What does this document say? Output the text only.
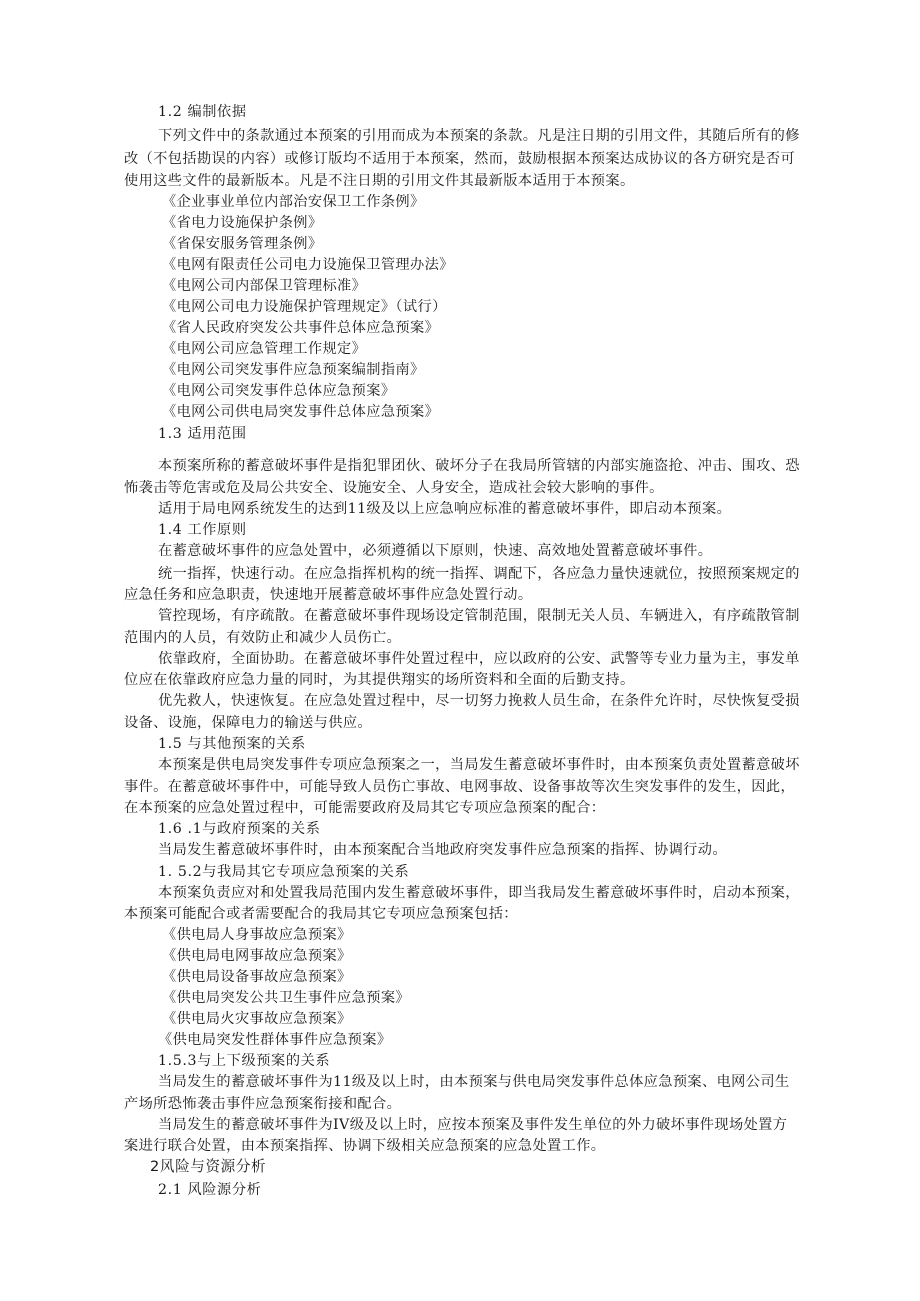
1.2 编制依据

下列文件中的条款通过本预案的引用而成为本预案的条款。凡是注日期的引用文件，其随后所有的修

改（不包括勘误的内容）或修订版均不适用于本预案，然而，鼓励根据本预案达成协议的各方研究是否可

使用这些文件的最新版本。凡是不注日期的引用文件其最新版本适用于本预案。

《企业事业单位内部治安保卫工作条例》

《省电力设施保护条例》

《省保安服务管理条例》

《电网有限责任公司电力设施保卫管理办法》

《电网公司内部保卫管理标准》

《电网公司电力设施保护管理规定》（试行）

《省人民政府突发公共事件总体应急预案》

《电网公司应急管理工作规定》

《电网公司突发事件应急预案编制指南》

《电网公司突发事件总体应急预案》

《电网公司供电局突发事件总体应急预案》

1.3 适用范围

本预案所称的蓄意破坏事件是指犯罪团伙、破坏分子在我局所管辖的内部实施盗抢、冲击、围攻、恐

怖袭击等危害或危及局公共安全、设施安全、人身安全，造成社会较大影响的事件。

适用于局电网系统发生的达到11级及以上应急响应标准的蓄意破坏事件，即启动本预案。

1.4 工作原则

在蓄意破坏事件的应急处置中，必须遵循以下原则，快速、高效地处置蓄意破坏事件。

统一指挥，快速行动。在应急指挥机构的统一指挥、调配下，各应急力量快速就位，按照预案规定的

应急任务和应急职责，快速地开展蓄意破坏事件应急处置行动。

管控现场，有序疏散。在蓄意破坏事件现场设定管制范围，限制无关人员、车辆进入，有序疏散管制

范围内的人员，有效防止和减少人员伤亡。

依靠政府，全面协助。在蓄意破坏事件处置过程中，应以政府的公安、武警等专业力量为主，事发单

位应在依靠政府应急力量的同时，为其提供翔实的场所资料和全面的后勤支持。

优先救人，快速恢复。在应急处置过程中，尽一切努力挽救人员生命，在条件允许时，尽快恢复受损

设备、设施，保障电力的输送与供应。

1.5 与其他预案的关系

本预案是供电局突发事件专项应急预案之一，当局发生蓄意破坏事件时，由本预案负责处置蓄意破坏

事件。在蓄意破坏事件中，可能导致人员伤亡事故、电网事故、设备事故等次生突发事件的发生，因此，

在本预案的应急处置过程中，可能需要政府及局其它专项应急预案的配合：

1.6 .1与政府预案的关系

当局发生蓄意破坏事件时，由本预案配合当地政府突发事件应急预案的指挥、协调行动。

1. 5.2与我局其它专项应急预案的关系

本预案负责应对和处置我局范围内发生蓄意破坏事件，即当我局发生蓄意破坏事件时，启动本预案，

本预案可能配合或者需要配合的我局其它专项应急预案包括：

《供电局人身事故应急预案》

《供电局电网事故应急预案》

《供电局设备事故应急预案》

《供电局突发公共卫生事件应急预案》

《供电局火灾事故应急预案》

《供电局突发性群体事件应急预案》

1.5.3与上下级预案的关系

当局发生的蓄意破坏事件为11级及以上时，由本预案与供电局突发事件总体应急预案、电网公司生

产场所恐怖袭击事件应急预案衔接和配合。

当局发生的蓄意破坏事件为IV级及以上时，应按本预案及事件发生单位的外力破坏事件现场处置方

案进行联合处置，由本预案指挥、协调下级相关应急预案的应急处置工作。

2风险与资源分析

2.1 风险源分析
